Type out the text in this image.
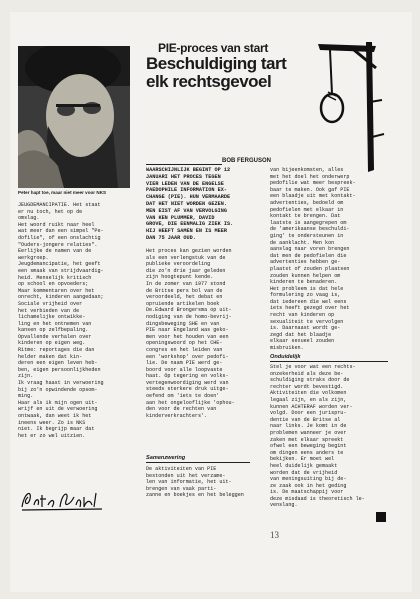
Peter hapt toe, maar niet meer voor NKS
JEUGDEMANCIPATIE. Het staat
er nu toch, het op de
omslag.
Het woord ruikt naar heel
wat meer dan een simpel "Pe-
dofilie", of een onslachtig
"Ouders-jongere relaties".
Eerlijke de namen van de
werkgroep.
Jeugdemancipatie, het geeft
een smaak van strijdvaardig-
heid. Menselijk kritisch
op school en opvoeders;
Maar kommentaren over het
onrecht, kinderen aangedaan;
Sociale vrijheid over
het verbieden van de
lichamelijke ontwikke-
ling en het ontnemen van
kansen op zelfbepaling.
Opvallende verhalen over
kinderen op eigen weg.
Ritme: reportages die dan
helder maken dat kin-
deren een eigen leven heb-
ben, eigen persoonlijkheden
zijn.
Ik vraag haast in verwoering
bij zo'n opwindende opsom-
ming.
Haar als ik mijn ogen uit-
wrijf en uit de verwoering
ontwaak, dan weet ik het
ineens weer. Zo is NKS
niet. Ik begrijp maar dat
het er zo wel uitzien.
PIE-proces van start
Beschuldiging tart
elk rechtsgevoel
BOB FERGUSON
WAARSCHIJNLIJK BEGINT OP 12
JANUARI HET PROCES TEGEN
VIER LEDEN VAN DE ENGELSE
PAEDOPHILE INFORMATION EX-
CHANGE (PIE). HUN VERMAARDE
DAT HET NIET WORDEN GEZEN.
MEN EIST AF VAN VERVOLGING
VAN KEN PLUMMER, DAVID
GROVE, DIE EENMALIG ZIEK IS.
HIJ HEEFT SAMEN EN IS MEER
DAN 75 JAAR OUD.
Het proces kan gezien worden
als een verlengstuk van de
publieke veroordeling
die zo'n drie jaar geleden
zijn hoogtepunt kende.
In de zomer van 1977 stond
de Britse pers bol van de
veroordeeld, het debat en
opruiende artikelen boek
De.Edward Brongersma op uit-
nodiging van de homo-bevrij-
dingsbeweging SHE en van
PIE naar Engeland was geko-
men voor het houden van een
openingswoord op het CHE-
congres en het leiden van
een 'workshop' over pedofi-
lie. De naam PIE werd ge-
boord voor alle loopvaste
haat. Op tegering en volks-
vertegenwoordiging werd van
steeds sterkere druk uitge-
oefend om 'iets te doen'
aan het ongelooflijke 'ophou-
den voor de rechten van
kinderverkrachters'.
Samenzwering
De aktiviteiten van PIE
bestonden uit het verzame-
len van informatie, het uit-
brengen van vaak parti-
zanne en boekjes en het beleggen
van bijeenkomsten, alles
met het doel het onderwerp
pedofilie wat meer bespreek-
baar te maken. Ook gaf PIE
een blaadje uit met kontakt-
advertenties, bedoeld om
pedofielen met elkaar in
kontakt te brengen. Dat
laatste is aangegrepen om
de 'amerikaanse beschuldi-
ging' te ondersteunen in
de aanklacht. Men kon
aanslag naar voren brengen
dat men de pedofielen die
advertenties hebben ge-
plaatst of zouden plaatsen
zouden kunnen helpen om
kinderen te benaderen.
Het probleem is dat hele
formulering zo vaag is,
dat iedereen die wel eens
iets heeft gezegd over het
recht van kinderen op
sexualiteit te vervolgen
is. Daarnaast wordt ge-
zegd dat het blaadje
elkaar sexueel zouden
misbruiken.
Onduidelijk
Stel je voor wat een rechts-
onzekerheid als deze be-
schuldiging straks door de
rechter wordt bevestigd.
Aktiviteiten die volkomen
legaal zijn, en als zijn,
kunnen ACHTERAF worden ver-
volgd. Door een jurispru-
dentie van de Britse al
naar links. Je komt in de
problemen wanneer je over
zaken met elkaar spreekt
ofwel een beweging begint
om dingen eens anders te
bekijken. Er moet wel
heel duidelijk gemaakt
worden dat de vrijheid
van meningsuiting bij de-
ze zaak ook in het geding
is. De maatschappij voor
deze misdaad is theoretisch le-
venslang.
13
